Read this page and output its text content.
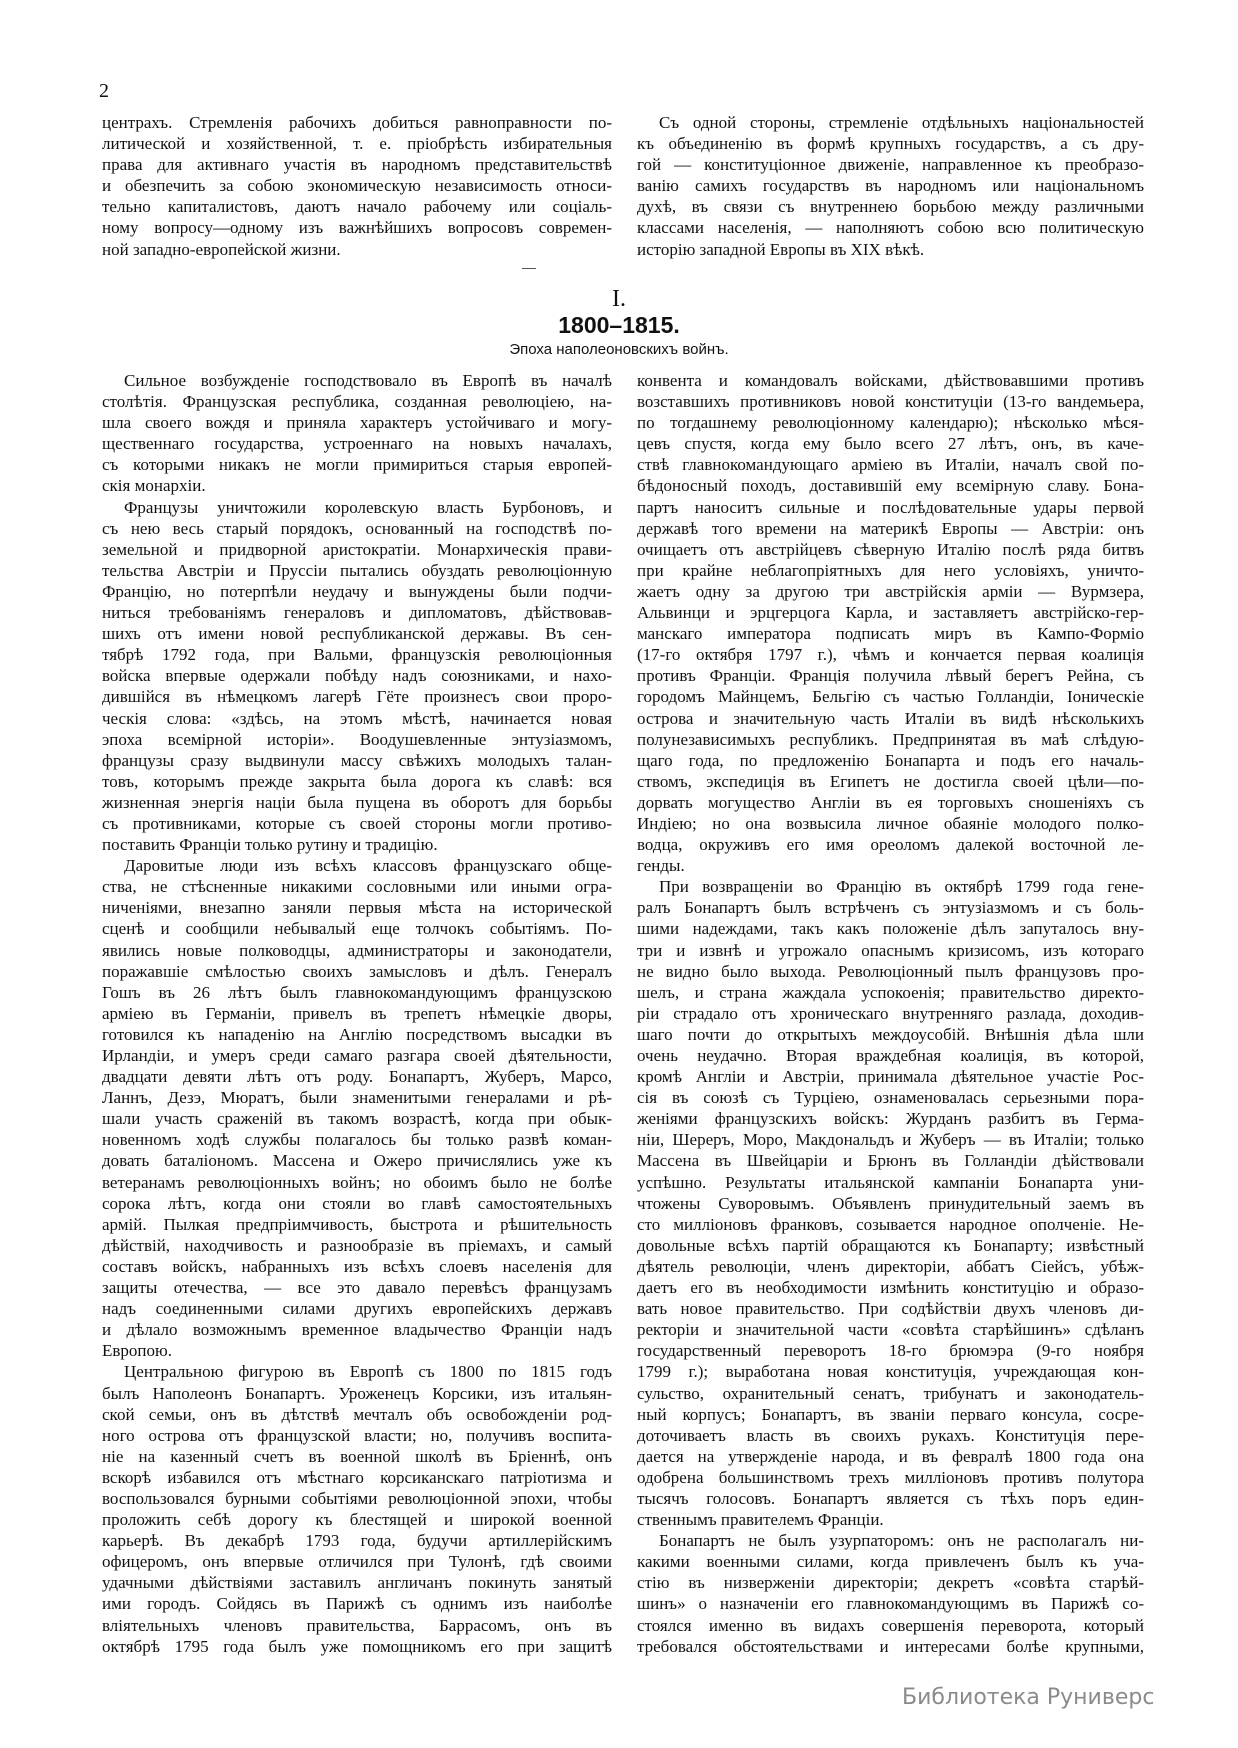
2
центрахъ. Стремленія рабочихъ добиться равноправности по-
литической и хозяйственной, т. е. пріобрѣсть избирательныя
права для активнаго участія въ народномъ представительствѣ
и обезпечить за собою экономическую независимость относи-
тельно капиталистовъ, даютъ начало рабочему или соціаль-
ному вопросу—одному изъ важнѣйшихъ вопросовъ современ-
ной западно-европейской жизни.
Съ одной стороны, стремленіе отдѣльныхъ національностей
къ объединенію въ формѣ крупныхъ государствъ, а съ дру-
гой — конституціонное движеніе, направленное къ преобразо-
ванію самихъ государствъ въ народномъ или національномъ
духѣ, въ связи съ внутреннею борьбою между различными
классами населенія, — наполняютъ собою всю политическую
исторію западной Европы въ XIX вѣкѣ.
I.
1800–1815.
Эпоха наполеоновскихъ войнъ.
Сильное возбужденіе господствовало въ Европѣ въ началѣ
столѣтія. Французская республика, созданная революціею, на-
шла своего вождя и приняла характеръ устойчиваго и могу-
щественнаго государства, устроеннаго на новыхъ началахъ,
съ которыми никакъ не могли примириться старыя европей-
скія монархіи.
Французы уничтожили королевскую власть Бурбоновъ, и
съ нею весь старый порядокъ, основанный на господствѣ по-
земельной и придворной аристократіи. Монархическія прави-
тельства Австріи и Пруссіи пытались обуздать революціонную
Францію, но потерпѣли неудачу и вынуждены были подчи-
ниться требованіямъ генераловъ и дипломатовъ, дѣйствовав-
шихъ отъ имени новой республиканской державы. Въ сен-
тябрѣ 1792 года, при Вальми, французскія революціонныя
войска впервые одержали побѣду надъ союзниками, и нахо-
дившійся въ нѣмецкомъ лагерѣ Гёте произнесъ свои проро-
ческія слова: «здѣсь, на этомъ мѣстѣ, начинается новая
эпоха всемірной исторіи». Воодушевленные энтузіазмомъ,
французы сразу выдвинули массу свѣжихъ молодыхъ талан-
товъ, которымъ прежде закрыта была дорога къ славѣ: вся
жизненная энергія націи была пущена въ оборотъ для борьбы
съ противниками, которые съ своей стороны могли противо-
поставить Франціи только рутину и традицію.
Даровитые люди изъ всѣхъ классовъ французскаго обще-
ства, не стѣсненные никакими сословными или иными огра-
ниченіями, внезапно заняли первыя мѣста на исторической
сценѣ и сообщили небывалый еще толчокъ событіямъ. По-
явились новые полководцы, администраторы и законодатели,
поражавшіе смѣлостью своихъ замысловъ и дѣлъ. Генералъ
Гошъ въ 26 лѣтъ былъ главнокомандующимъ французскою
арміею въ Германіи, привелъ въ трепетъ нѣмецкіе дворы,
готовился къ нападенію на Англію посредствомъ высадки въ
Ирландіи, и умеръ среди самаго разгара своей дѣятельности,
двадцати девяти лѣтъ отъ роду. Бонапартъ, Жуберъ, Марсо,
Ланнъ, Дезэ, Мюратъ, были знаменитыми генералами и рѣ-
шали участь сраженій въ такомъ возрастѣ, когда при обык-
новенномъ ходѣ службы полагалось бы только развѣ коман-
довать баталіономъ. Массена и Ожеро причислялись уже къ
ветеранамъ революціонныхъ войнъ; но обоимъ было не болѣе
сорока лѣтъ, когда они стояли во главѣ самостоятельныхъ
армій. Пылкая предпріимчивость, быстрота и рѣшительность
дѣйствій, находчивость и разнообразіе въ пріемахъ, и самый
составъ войскъ, набранныхъ изъ всѣхъ слоевъ населенія для
защиты отечества, — все это давало перевѣсъ французамъ
надъ соединенными силами другихъ европейскихъ державъ
и дѣлало возможнымъ временное владычество Франціи надъ
Европою.
Центральною фигурою въ Европѣ съ 1800 по 1815 годъ
былъ Наполеонъ Бонапартъ. Уроженецъ Корсики, изъ итальян-
ской семьи, онъ въ дѣтствѣ мечталъ объ освобожденіи род-
ного острова отъ французской власти; но, получивъ воспита-
ніе на казенный счетъ въ военной школѣ въ Бріеннѣ, онъ
вскорѣ избавился отъ мѣстнаго корсиканскаго патріотизма и
воспользовался бурными событіями революціонной эпохи, чтобы
проложить себѣ дорогу къ блестящей и широкой военной
карьерѣ. Въ декабрѣ 1793 года, будучи артиллерійскимъ
офицеромъ, онъ впервые отличился при Тулонѣ, гдѣ своими
удачными дѣйствіями заставилъ англичанъ покинуть занятый
ими городъ. Сойдясь въ Парижѣ съ однимъ изъ наиболѣе
вліятельныхъ членовъ правительства, Баррасомъ, онъ въ
октябрѣ 1795 года былъ уже помощникомъ его при защитѣ
конвента и командовалъ войсками, дѣйствовавшими противъ
возставшихъ противниковъ новой конституціи (13-го вандемьера,
по тогдашнему революціонному календарю); нѣсколько мѣся-
цевъ спустя, когда ему было всего 27 лѣтъ, онъ, въ каче-
ствѣ главнокомандующаго арміею въ Италіи, началъ свой по-
бѣдоносный походъ, доставившій ему всемірную славу. Бона-
партъ наноситъ сильные и послѣдовательные удары первой
державѣ того времени на материкѣ Европы — Австріи: онъ
очищаетъ отъ австрійцевъ сѣверную Италію послѣ ряда битвъ
при крайне неблагопріятныхъ для него условіяхъ, уничто-
жаетъ одну за другою три австрійскія арміи — Вурмзера,
Альвинци и эрцгерцога Карла, и заставляетъ австрійско-гер-
манскаго императора подписать миръ въ Кампо-Форміо
(17-го октября 1797 г.), чѣмъ и кончается первая коалиція
противъ Франціи. Франція получила лѣвый берегъ Рейна, съ
городомъ Майнцемъ, Бельгію съ частью Голландіи, Іоническіе
острова и значительную часть Италіи въ видѣ нѣсколькихъ
полунезависимыхъ республикъ. Предпринятая въ маѣ слѣдую-
щаго года, по предложенію Бонапарта и подъ его началь-
ствомъ, экспедиція въ Египетъ не достигла своей цѣли—по-
дорвать могущество Англіи въ ея торговыхъ сношеніяхъ съ
Индіею; но она возвысила личное обаяніе молодого полко-
водца, окруживъ его имя ореоломъ далекой восточной ле-
генды.
При возвращеніи во Францію въ октябрѣ 1799 года гене-
ралъ Бонапартъ былъ встрѣченъ съ энтузіазмомъ и съ боль-
шими надеждами, такъ какъ положеніе дѣлъ запуталось вну-
три и извнѣ и угрожало опаснымъ кризисомъ, изъ котораго
не видно было выхода. Революціонный пылъ французовъ про-
шелъ, и страна жаждала успокоенія; правительство директо-
ріи страдало отъ хроническаго внутренняго разлада, доходив-
шаго почти до открытыхъ междоусобій. Внѣшнія дѣла шли
очень неудачно. Вторая враждебная коалиція, въ которой,
кромѣ Англіи и Австріи, принимала дѣятельное участіе Рос-
сія въ союзѣ съ Турціею, ознаменовалась серьезными пора-
женіями французскихъ войскъ: Журданъ разбитъ въ Герма-
ніи, Шереръ, Моро, Макдональдъ и Жуберъ — въ Италіи; только
Массена въ Швейцаріи и Брюнъ въ Голландіи дѣйствовали
успѣшно. Результаты итальянской кампаніи Бонапарта уни-
чтожены Суворовымъ. Объявленъ принудительный заемъ въ
сто милліоновъ франковъ, созывается народное ополченіе. Не-
довольные всѣхъ партій обращаются къ Бонапарту; извѣстный
дѣятель революціи, членъ директоріи, аббатъ Сіейсъ, убѣж-
даетъ его въ необходимости измѣнить конституцію и образо-
вать новое правительство. При содѣйствіи двухъ членовъ ди-
ректоріи и значительной части «совѣта старѣйшинъ» сдѣланъ
государственный переворотъ 18-го брюмэра (9-го ноября
1799 г.); выработана новая конституція, учреждающая кон-
сульство, охранительный сенатъ, трибунатъ и законодатель-
ный корпусъ; Бонапартъ, въ званіи перваго консула, сосре-
доточиваетъ власть въ своихъ рукахъ. Конституція пере-
дается на утвержденіе народа, и въ февралѣ 1800 года она
одобрена большинствомъ трехъ милліоновъ противъ полутора
тысячъ голосовъ. Бонапартъ является съ тѣхъ поръ един-
ственнымъ правителемъ Франціи.
Бонапартъ не былъ узурпаторомъ: онъ не располагалъ ни-
какими военными силами, когда привлеченъ былъ къ уча-
стію въ низверженіи директоріи; декретъ «совѣта старѣй-
шинъ» о назначеніи его главнокомандующимъ въ Парижѣ со-
стоялся именно въ видахъ совершенія переворота, который
требовался обстоятельствами и интересами болѣе крупными,
Библиотека Руниверс
